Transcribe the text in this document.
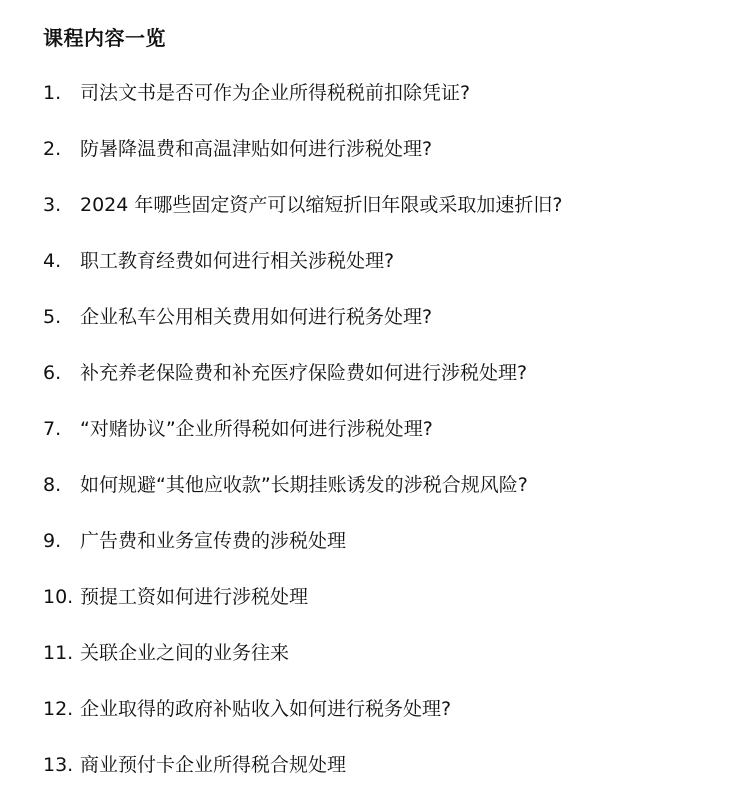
课程内容一览
1. 司法文书是否可作为企业所得税税前扣除凭证?
2. 防暑降温费和高温津贴如何进行涉税处理?
3. 2024 年哪些固定资产可以缩短折旧年限或采取加速折旧?
4. 职工教育经费如何进行相关涉税处理?
5. 企业私车公用相关费用如何进行税务处理?
6. 补充养老保险费和补充医疗保险费如何进行涉税处理?
7. “对赌协议”企业所得税如何进行涉税处理?
8. 如何规避“其他应收款”长期挂账诱发的涉税合规风险?
9. 广告费和业务宣传费的涉税处理
10. 预提工资如何进行涉税处理
11. 关联企业之间的业务往来
12. 企业取得的政府补贴收入如何进行税务处理?
13. 商业预付卡企业所得税合规处理
